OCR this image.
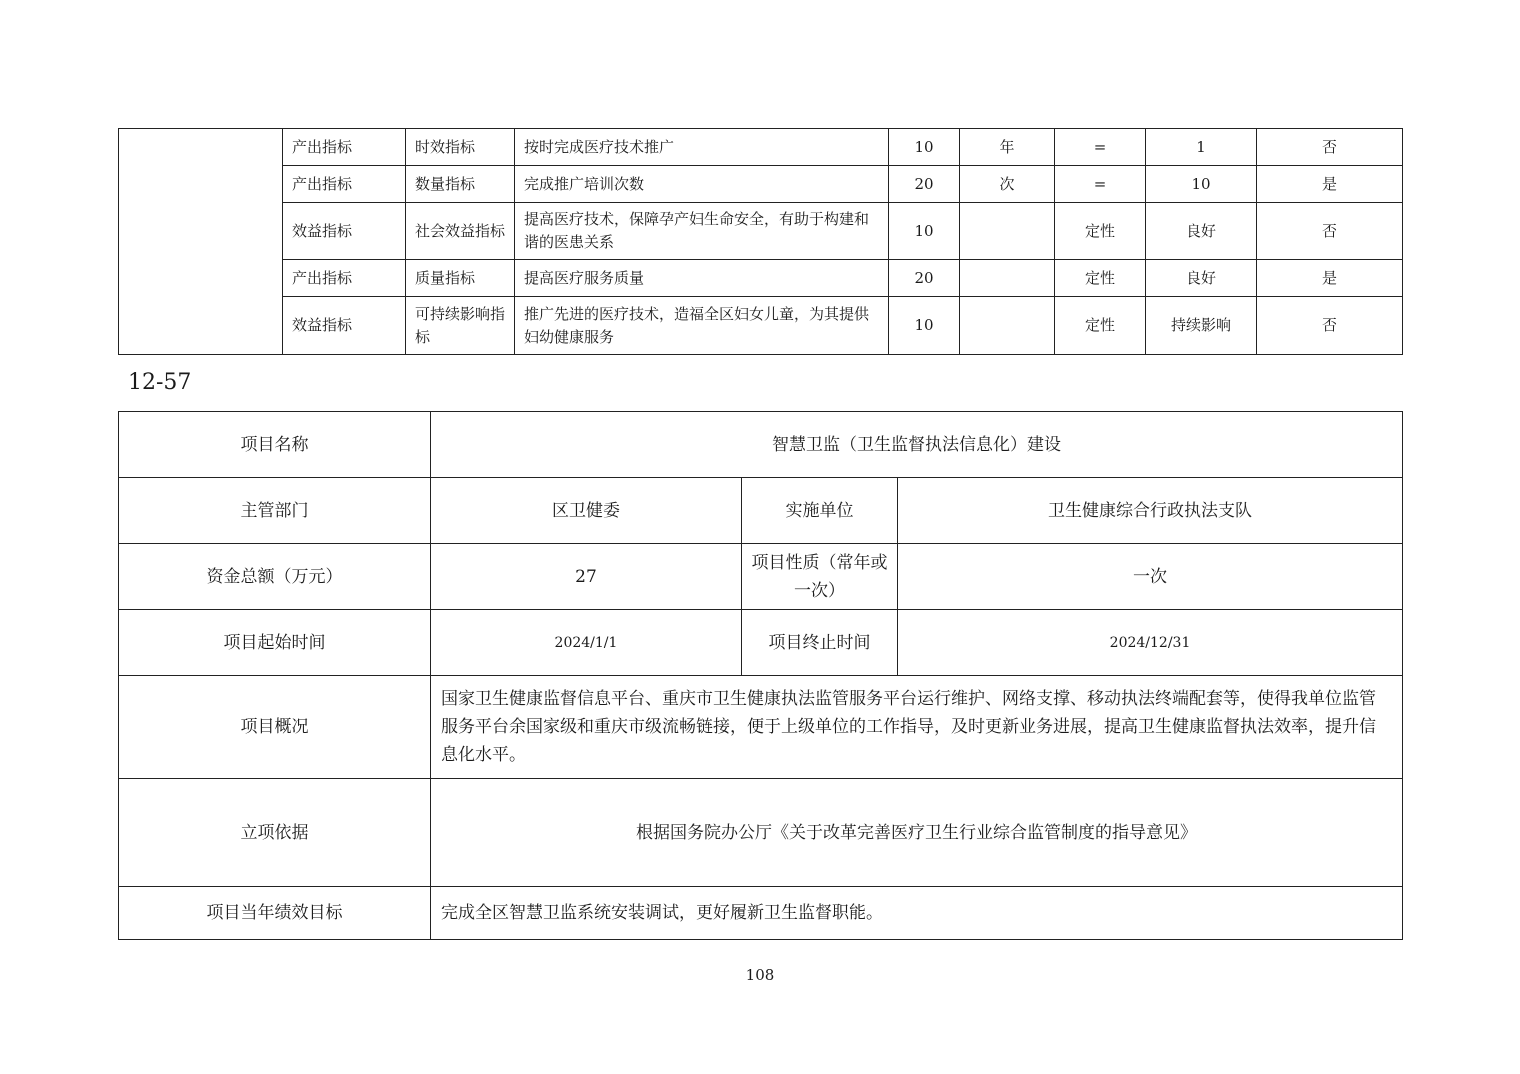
	产出指标	时效指标	按时完成医疗技术推广	10	年	=	1	否
	产出指标	数量指标	完成推广培训次数	20	次	=	10	是
	效益指标	社会效益指标	提高医疗技术，保障孕产妇生命安全，有助于构建和谐的医患关系	10		定性	良好	否
	产出指标	质量指标	提高医疗服务质量	20		定性	良好	是
	效益指标	可持续影响指标	推广先进的医疗技术，造福全区妇女儿童，为其提供妇幼健康服务	10		定性	持续影响	否

12-57

项目名称	智慧卫监（卫生监督执法信息化）建设		
主管部门	区卫健委	实施单位	卫生健康综合行政执法支队
资金总额（万元）	27	项目性质（常年或一次）	一次
项目起始时间	2024/1/1	项目终止时间	2024/12/31
项目概况	国家卫生健康监督信息平台、重庆市卫生健康执法监管服务平台运行维护、网络支撑、移动执法终端配套等，使得我单位监管服务平台余国家级和重庆市级流畅链接，便于上级单位的工作指导，及时更新业务进展，提高卫生健康监督执法效率，提升信息化水平。		
立项依据	根据国务院办公厅《关于改革完善医疗卫生行业综合监管制度的指导意见》		
项目当年绩效目标	完成全区智慧卫监系统安装调试，更好履新卫生监督职能。		

108
